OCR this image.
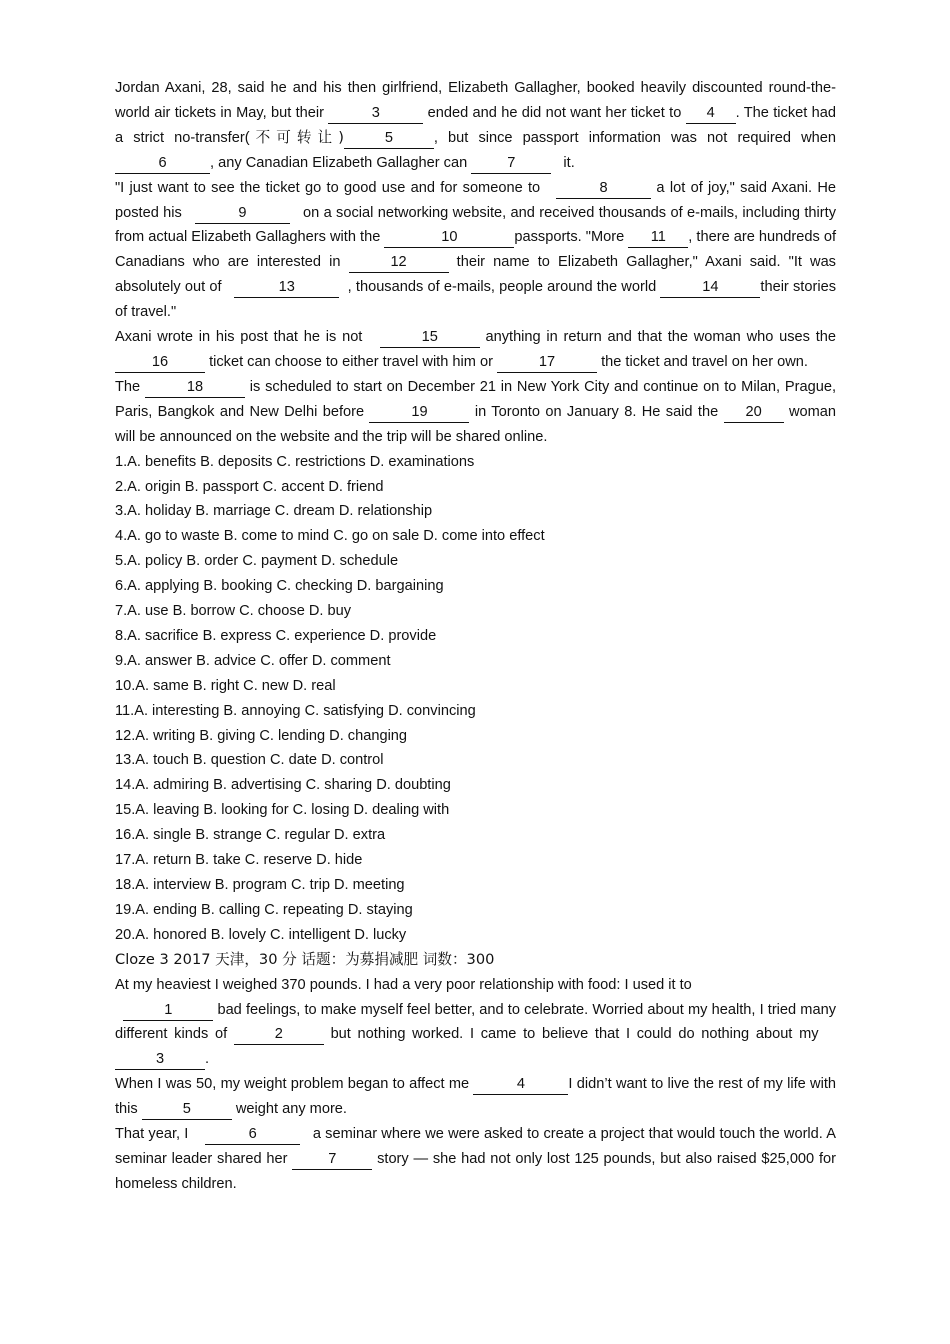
Jordan Axani, 28, said he and his then girlfriend, Elizabeth Gallagher, booked heavily discounted round-the-world air tickets in May, but their	3	ended and he did not want her ticket to 4 . The ticket had a strict no-transfer(不可转让)	5	, but since passport information was not required when 6	, any Canadian Elizabeth Gallagher can	7	it.

"I just want to see the ticket go to good use and for someone to	8	a lot of joy," said Axani. He posted his	9	on a social networking website, and received thousands of e-mails, including thirty from actual Elizabeth Gallaghers with the	10	passports. "More 11 , there are hundreds of Canadians who are interested in	12	their name to Elizabeth Gallagher," Axani said. "It was absolutely out of	13	, thousands of e-mails, people around the world	14	their stories of travel."

Axani wrote in his post that he is not	15	anything in return and that the woman who uses the 16	ticket can choose to either travel with him or	17	the ticket and travel on her own.

The	18	is scheduled to start on December 21 in New York City and continue on to Milan, Prague, Paris, Bangkok and New Delhi before	19	in Toronto on January 8. He said the 20 woman will be announced on the website and the trip will be shared online.

1.A. benefits B. deposits C. restrictions D. examinations

2.A. origin B. passport C. accent D. friend

3.A. holiday B. marriage C. dream D. relationship

4.A. go to waste B. come to mind C. go on sale D. come into effect

5.A. policy B. order C. payment D. schedule

6.A. applying B. booking C. checking D. bargaining

7.A. use B. borrow C. choose D. buy

8.A. sacrifice B. express C. experience D. provide

9.A. answer B. advice C. offer D. comment

10.A. same B. right C. new D. real

11.A. interesting B. annoying C. satisfying D. convincing

12.A. writing B. giving C. lending D. changing

13.A. touch B. question C. date D. control

14.A. admiring B. advertising C. sharing D. doubting

15.A. leaving B. looking for C. losing D. dealing with

16.A. single B. strange C. regular D. extra

17.A. return B. take C. reserve D. hide

18.A. interview B. program C. trip D. meeting

19.A. ending B. calling C. repeating D. staying

20.A. honored B. lovely C. intelligent D. lucky

Cloze 3 2017 天津，30 分 话题：为募捐减肥 词数：300

At my heaviest I weighed 370 pounds. I had a very poor relationship with food: I used it to
1	bad feelings, to make myself feel better, and to celebrate. Worried about my health, I tried many different kinds of	2	but nothing worked. I came to believe that I could do nothing about my   3	.

When I was 50, my weight problem began to affect me	4	I didn’t want to live the rest of my life with this	5	weight any more.

That year, I	6	a seminar where we were asked to create a project that would touch the world. A seminar leader shared her	7	story — she had not only lost 125 pounds, but also raised $25,000 for homeless children.
